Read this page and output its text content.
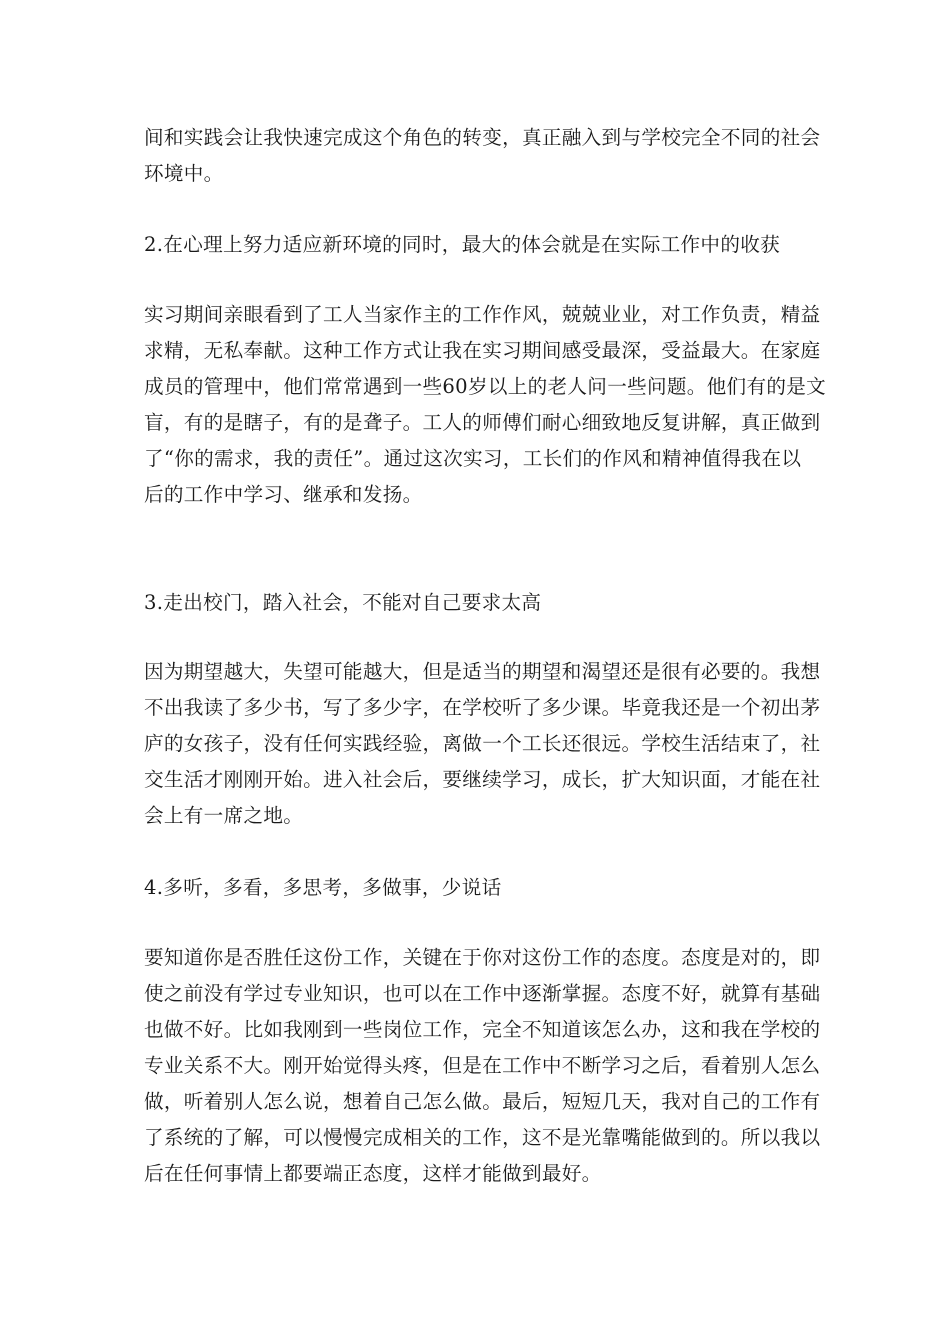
间和实践会让我快速完成这个角色的转变，真正融入到与学校完全不同的社会
环境中。

2.在心理上努力适应新环境的同时，最大的体会就是在实际工作中的收获

实习期间亲眼看到了工人当家作主的工作作风，兢兢业业，对工作负责，精益
求精，无私奉献。这种工作方式让我在实习期间感受最深，受益最大。在家庭
成员的管理中，他们常常遇到一些60岁以上的老人问一些问题。他们有的是文
盲，有的是瞎子，有的是聋子。工人的师傅们耐心细致地反复讲解，真正做到
了“你的需求，我的责任”。通过这次实习，工长们的作风和精神值得我在以
后的工作中学习、继承和发扬。

3.走出校门，踏入社会，不能对自己要求太高

因为期望越大，失望可能越大，但是适当的期望和渴望还是很有必要的。我想
不出我读了多少书，写了多少字，在学校听了多少课。毕竟我还是一个初出茅
庐的女孩子，没有任何实践经验，离做一个工长还很远。学校生活结束了，社
交生活才刚刚开始。进入社会后，要继续学习，成长，扩大知识面，才能在社
会上有一席之地。

4.多听，多看，多思考，多做事，少说话

要知道你是否胜任这份工作，关键在于你对这份工作的态度。态度是对的，即
使之前没有学过专业知识，也可以在工作中逐渐掌握。态度不好，就算有基础
也做不好。比如我刚到一些岗位工作，完全不知道该怎么办，这和我在学校的
专业关系不大。刚开始觉得头疼，但是在工作中不断学习之后，看着别人怎么
做，听着别人怎么说，想着自己怎么做。最后，短短几天，我对自己的工作有
了系统的了解，可以慢慢完成相关的工作，这不是光靠嘴能做到的。所以我以
后在任何事情上都要端正态度，这样才能做到最好。
